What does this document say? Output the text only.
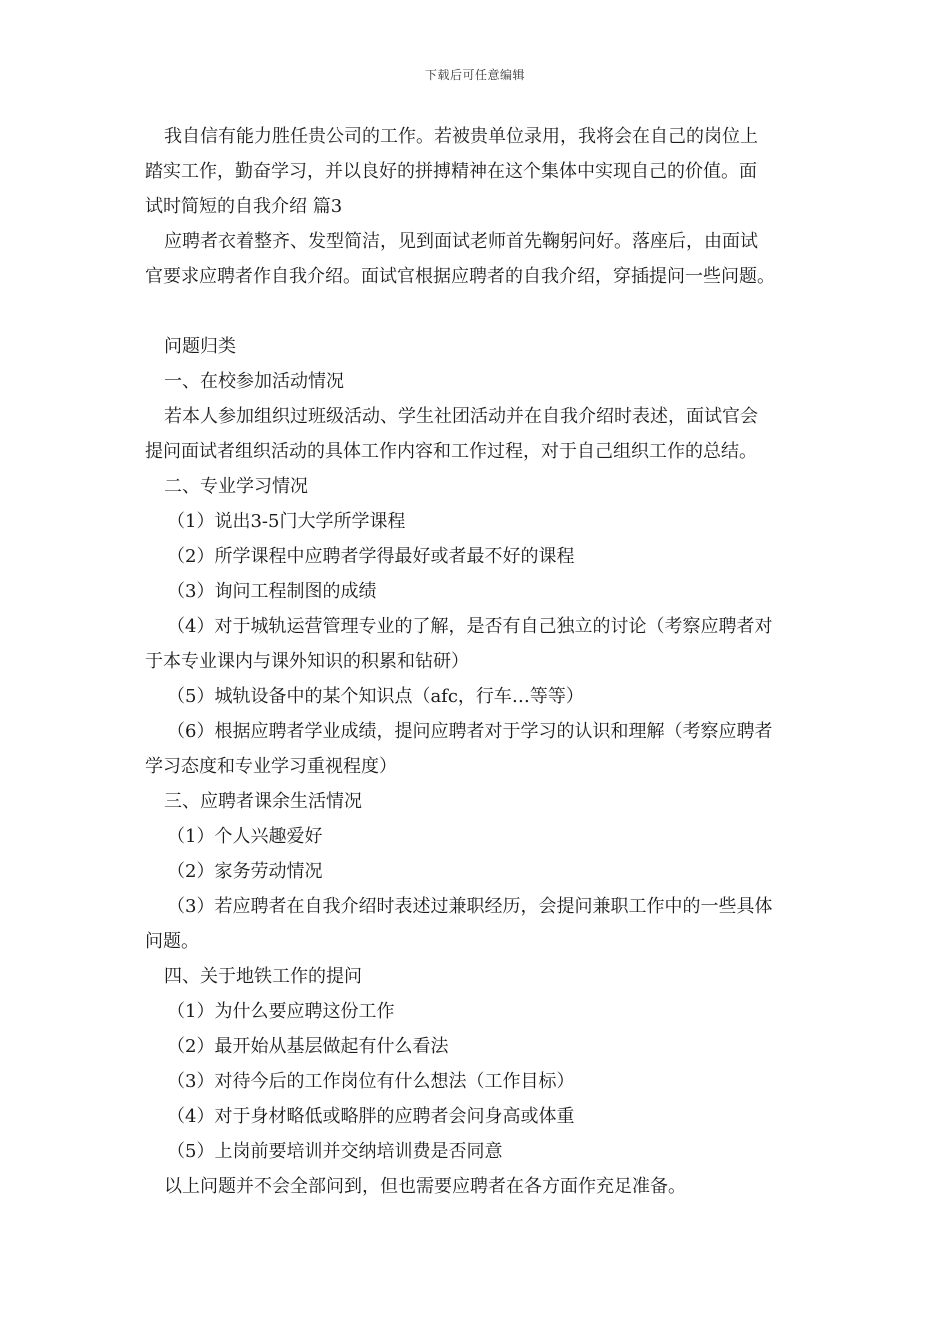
下载后可任意编辑

我自信有能力胜任贵公司的工作。若被贵单位录用，我将会在自己的岗位上

踏实工作，勤奋学习，并以良好的拼搏精神在这个集体中实现自己的价值。面

试时简短的自我介绍 篇3

应聘者衣着整齐、发型简洁，见到面试老师首先鞠躬问好。落座后，由面试

官要求应聘者作自我介绍。面试官根据应聘者的自我介绍，穿插提问一些问题。

问题归类

一、在校参加活动情况

若本人参加组织过班级活动、学生社团活动并在自我介绍时表述，面试官会

提问面试者组织活动的具体工作内容和工作过程，对于自己组织工作的总结。

二、专业学习情况

（1）说出3-5门大学所学课程

（2）所学课程中应聘者学得最好或者最不好的课程

（3）询问工程制图的成绩

（4）对于城轨运营管理专业的了解，是否有自己独立的讨论（考察应聘者对

于本专业课内与课外知识的积累和钻研）

（5）城轨设备中的某个知识点（afc，行车…等等）

（6）根据应聘者学业成绩，提问应聘者对于学习的认识和理解（考察应聘者

学习态度和专业学习重视程度）

三、应聘者课余生活情况

（1）个人兴趣爱好

（2）家务劳动情况

（3）若应聘者在自我介绍时表述过兼职经历，会提问兼职工作中的一些具体

问题。

四、关于地铁工作的提问

（1）为什么要应聘这份工作

（2）最开始从基层做起有什么看法

（3）对待今后的工作岗位有什么想法（工作目标）

（4）对于身材略低或略胖的应聘者会问身高或体重

（5）上岗前要培训并交纳培训费是否同意

以上问题并不会全部问到，但也需要应聘者在各方面作充足准备。
